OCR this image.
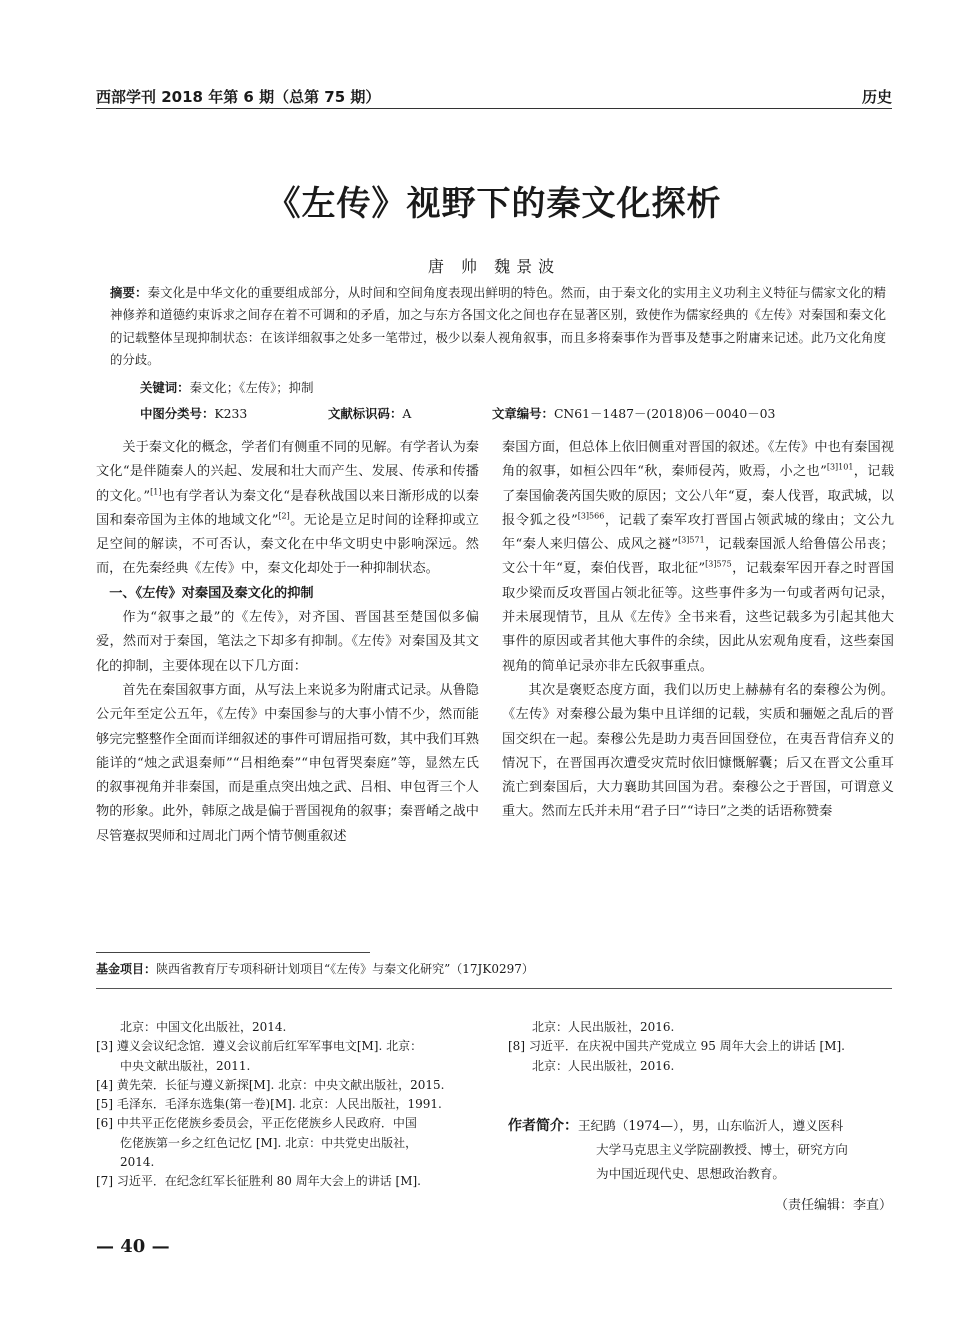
西部学刊 2018 年第 6 期（总第 75 期）	历史
《左传》视野下的秦文化探析
唐 帅 魏景波
摘要：秦文化是中华文化的重要组成部分，从时间和空间角度表现出鲜明的特色。然而，由于秦文化的实用主义功利主义特征与儒家文化的精神修养和道德约束诉求之间存在着不可调和的矛盾，加之与东方各国文化之间也存在显著区别，致使作为儒家经典的《左传》对秦国和秦文化的记载整体呈现抑制状态：在该详细叙事之处多一笔带过，极少以秦人视角叙事，而且多将秦事作为晋事及楚事之附庸来记述。此乃文化角度的分歧。
关键词：秦文化；《左传》；抑制
中图分类号：K233	文献标识码：A	文章编号：CN61－1487－(2018)06－0040－03

关于秦文化的概念，学者们有侧重不同的见解。有学者认为秦文化“是伴随秦人的兴起、发展和壮大而产生、发展、传承和传播的文化。”[1]也有学者认为秦文化“是春秋战国以来日渐形成的以秦国和秦帝国为主体的地域文化”[2]。无论是立足时间的诠释抑或立足空间的解读，不可否认，秦文化在中华文明史中影响深远。然而，在先秦经典《左传》中，秦文化却处于一种抑制状态。

一、《左传》对秦国及秦文化的抑制

作为“叙事之最”的《左传》，对齐国、晋国甚至楚国似多偏爱，然而对于秦国，笔法之下却多有抑制。《左传》对秦国及其文化的抑制，主要体现在以下几方面：

首先在秦国叙事方面，从写法上来说多为附庸式记录。从鲁隐公元年至定公五年，《左传》中秦国参与的大事小情不少，然而能够完完整整作全面而详细叙述的事件可谓屈指可数，其中我们耳熟能详的“烛之武退秦师”“吕相绝秦”“申包胥哭秦庭”等，显然左氏的叙事视角并非秦国，而是重点突出烛之武、吕相、申包胥三个人物的形象。此外，韩原之战是偏于晋国视角的叙事；秦晋崤之战中尽管蹇叔哭师和过周北门两个情节侧重叙述

秦国方面，但总体上依旧侧重对晋国的叙述。《左传》中也有秦国视角的叙事，如桓公四年“秋，秦师侵芮，败焉，小之也”$^{[3]101}$，记载了秦国偷袭芮国失败的原因；文公八年“夏，秦人伐晋，取武城，以报令狐之役”$^{[3]566}$，记载了秦军攻打晋国占领武城的缘由；文公九年“秦人来归僖公、成风之襚”$^{[3]571}$，记载秦国派人给鲁僖公吊丧；文公十年“夏，秦伯伐晋，取北征”$^{[3]575}$，记载秦军因开春之时晋国取少梁而反攻晋国占领北征等。这些事件多为一句或者两句记录，并未展现情节，且从《左传》全书来看，这些记载多为引起其他大事件的原因或者其他大事件的余续，因此从宏观角度看，这些秦国视角的简单记录亦非左氏叙事重点。

其次是褒贬态度方面，我们以历史上赫赫有名的秦穆公为例。《左传》对秦穆公最为集中且详细的记载，实质和骊姬之乱后的晋国交织在一起。秦穆公先是助力夷吾回国登位，在夷吾背信弃义的情况下，在晋国再次遭受灾荒时依旧慷慨解囊；后又在晋文公重耳流亡到秦国后，大力襄助其回国为君。秦穆公之于晋国，可谓意义重大。然而左氏并未用“君子曰”“诗曰”之类的话语称赞秦

基金项目：陕西省教育厅专项科研计划项目“《左传》与秦文化研究”（17JK0297）

北京：中国文化出版社，2014.

[3] 遵义会议纪念馆．遵义会议前后红军军事电文[M]. 北京：

中央文献出版社，2011.

[4] 黄先荣．长征与遵义新探[M]. 北京：中央文献出版社，2015.

[5] 毛泽东．毛泽东选集(第一卷)[M]. 北京：人民出版社，1991.

[6] 中共平正仡佬族乡委员会，平正仡佬族乡人民政府．中国

仡佬族第一乡之红色记忆 [M]. 北京：中共党史出版社，

2014.

[7] 习近平．在纪念红军长征胜利 80 周年大会上的讲话 [M].

北京：人民出版社，2016.

[8] 习近平．在庆祝中国共产党成立 95 周年大会上的讲话 [M].

北京：人民出版社，2016.

作者简介：王纪鹍（1974—），男，山东临沂人，遵义医科
大学马克思主义学院副教授、博士，研究方向
为中国近现代史、思想政治教育。
（责任编辑：李直）
— 40 —
